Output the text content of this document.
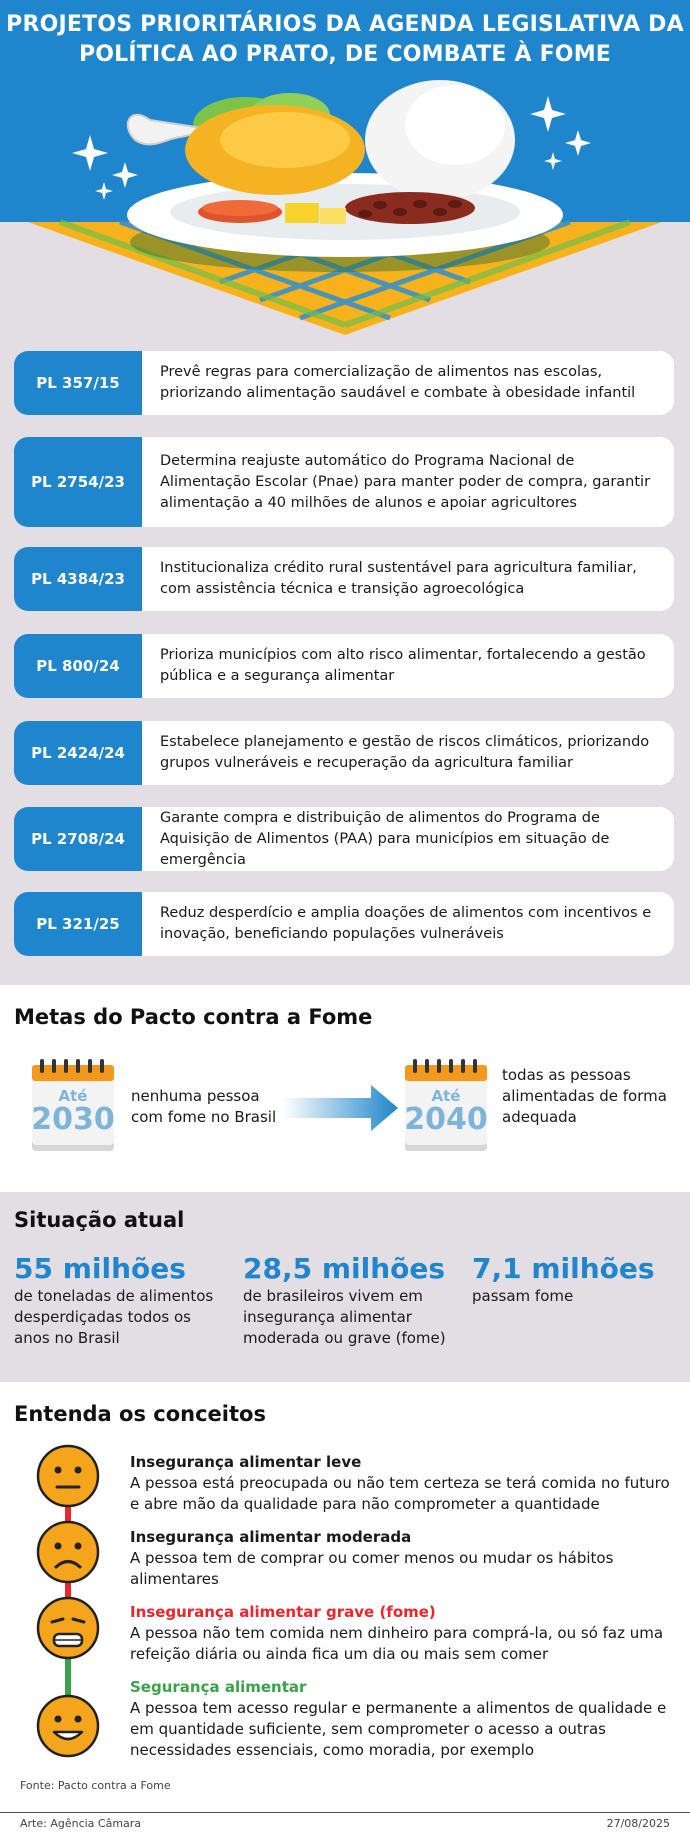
PROJETOS PRIORITÁRIOS DA AGENDA LEGISLATIVA DA
POLÍTICA AO PRATO, DE COMBATE À FOME
PL 357/15
Prevê regras para comercialização de alimentos nas escolas, priorizando alimentação saudável e combate à obesidade infantil
PL 2754/23
Determina reajuste automático do Programa Nacional de Alimentação Escolar (Pnae) para manter poder de compra, garantir alimentação a 40 milhões de alunos e apoiar agricultores
PL 4384/23
Institucionaliza crédito rural sustentável para agricultura familiar, com assistência técnica e transição agroecológica
PL 800/24
Prioriza municípios com alto risco alimentar, fortalecendo a gestão pública e a segurança alimentar
PL 2424/24
Estabelece planejamento e gestão de riscos climáticos, priorizando grupos vulneráveis e recuperação da agricultura familiar
PL 2708/24
Garante compra e distribuição de alimentos do Programa de Aquisição de Alimentos (PAA) para municípios em situação de emergência
PL 321/25
Reduz desperdício e amplia doações de alimentos com incentivos e inovação, beneficiando populações vulneráveis
Metas do Pacto contra a Fome
Até
2030
nenhuma pessoa
com fome no Brasil
Até
2040
todas as pessoas
alimentadas de forma
adequada
Situação atual
55 milhões
de toneladas de alimentos
desperdiçadas todos os
anos no Brasil
28,5 milhões
de brasileiros vivem em
insegurança alimentar
moderada ou grave (fome)
7,1 milhões
passam fome
Entenda os conceitos
Insegurança alimentar leve
A pessoa está preocupada ou não tem certeza se terá comida no futuro e abre mão da qualidade para não comprometer a quantidade
Insegurança alimentar moderada
A pessoa tem de comprar ou comer menos ou mudar os hábitos alimentares
Insegurança alimentar grave (fome)
A pessoa não tem comida nem dinheiro para comprá-la, ou só faz uma refeição diária ou ainda fica um dia ou mais sem comer
Segurança alimentar
A pessoa tem acesso regular e permanente a alimentos de qualidade e em quantidade suficiente, sem comprometer o acesso a outras necessidades essenciais, como moradia, por exemplo
Fonte: Pacto contra a Fome
Arte: Agência Câmara	27/08/2025
